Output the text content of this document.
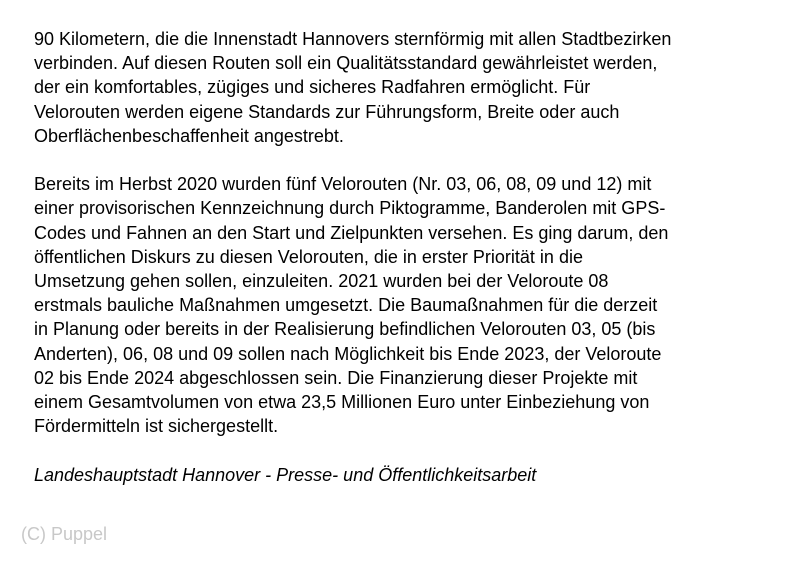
90 Kilometern, die die Innenstadt Hannovers sternförmig mit allen Stadtbezirken
verbinden. Auf diesen Routen soll ein Qualitätsstandard gewährleistet werden,
der ein komfortables, zügiges und sicheres Radfahren ermöglicht. Für
Velorouten werden eigene Standards zur Führungsform, Breite oder auch
Oberflächenbeschaffenheit angestrebt.

Bereits im Herbst 2020 wurden fünf Velorouten (Nr. 03, 06, 08, 09 und 12) mit
einer provisorischen Kennzeichnung durch Piktogramme, Banderolen mit GPS-
Codes und Fahnen an den Start und Zielpunkten versehen. Es ging darum, den
öffentlichen Diskurs zu diesen Velorouten, die in erster Priorität in die
Umsetzung gehen sollen, einzuleiten. 2021 wurden bei der Veloroute 08
erstmals bauliche Maßnahmen umgesetzt. Die Baumaßnahmen für die derzeit
in Planung oder bereits in der Realisierung befindlichen Velorouten 03, 05 (bis
Anderten), 06, 08 und 09 sollen nach Möglichkeit bis Ende 2023, der Veloroute
02 bis Ende 2024 abgeschlossen sein. Die Finanzierung dieser Projekte mit
einem Gesamtvolumen von etwa 23,5 Millionen Euro unter Einbeziehung von
Fördermitteln ist sichergestellt.

Landeshauptstadt Hannover - Presse- und Öffentlichkeitsarbeit

(C) Puppel
